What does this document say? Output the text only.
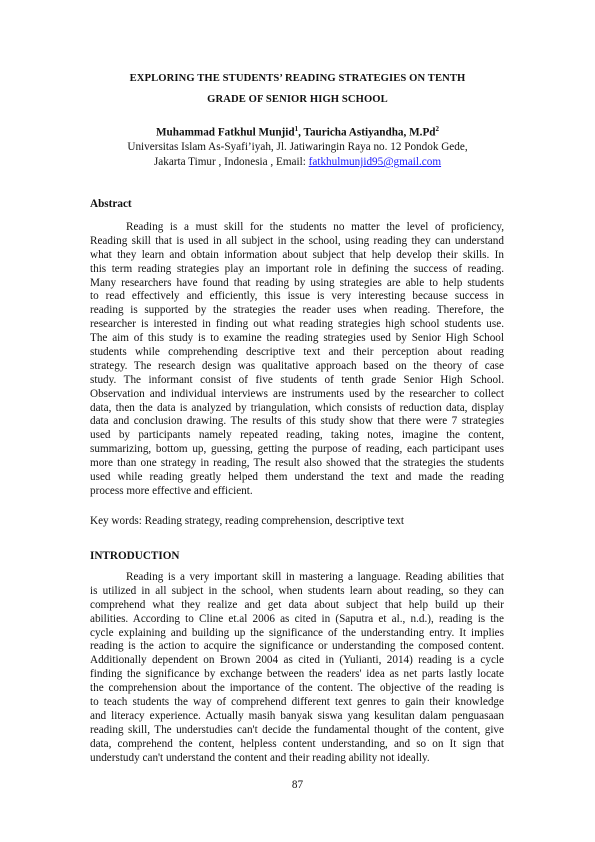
EXPLORING THE STUDENTS’ READING STRATEGIES ON TENTH
GRADE OF SENIOR HIGH SCHOOL
Muhammad Fatkhul Munjid$^1$, Tauricha Astiyandha, M.Pd$^2$
Universitas Islam As-Syafi’iyah, Jl. Jatiwaringin Raya no. 12 Pondok Gede,
Jakarta Timur , Indonesia , Email: fatkhulmunjid95@gmail.com
Abstract
Reading is a must skill for the students no matter the level of proficiency,
Reading skill that is used in all subject in the school, using reading they can understand
what they learn and obtain information about subject that help develop their skills. In
this term reading strategies play an important role in defining the success of reading.
Many researchers have found that reading by using strategies are able to help students
to read effectively and efficiently, this issue is very interesting because success in
reading is supported by the strategies the reader uses when reading. Therefore, the
researcher is interested in finding out what reading strategies high school students use.
The aim of this study is to examine the reading strategies used by Senior High School
students while comprehending descriptive text and their perception about reading
strategy. The research design was qualitative approach based on the theory of case
study. The informant consist of five students of tenth grade Senior High School.
Observation and individual interviews are instruments used by the researcher to collect
data, then the data is analyzed by triangulation, which consists of reduction data, display
data and conclusion drawing. The results of this study show that there were 7 strategies
used by participants namely repeated reading, taking notes, imagine the content,
summarizing, bottom up, guessing, getting the purpose of reading, each participant uses
more than one strategy in reading, The result also showed that the strategies the students
used while reading greatly helped them understand the text and made the reading
process more effective and efficient.
Key words: Reading strategy, reading comprehension, descriptive text
INTRODUCTION
Reading is a very important skill in mastering a language. Reading abilities that
is utilized in all subject in the school, when students learn about reading, so they can
comprehend what they realize and get data about subject that help build up their
abilities. According to Cline et.al 2006 as cited in (Saputra et al., n.d.), reading is the
cycle explaining and building up the significance of the understanding entry. It implies
reading is the action to acquire the significance or understanding the composed content.
Additionally dependent on Brown 2004 as cited in (Yulianti, 2014) reading is a cycle
finding the significance by exchange between the readers' idea as net parts lastly locate
the comprehension about the importance of the content. The objective of the reading is
to teach students the way of comprehend different text genres to gain their knowledge
and literacy experience. Actually masih banyak siswa yang kesulitan dalam penguasaan
reading skill, The understudies can't decide the fundamental thought of the content, give
data, comprehend the content, helpless content understanding, and so on It sign that
understudy can't understand the content and their reading ability not ideally.
87
